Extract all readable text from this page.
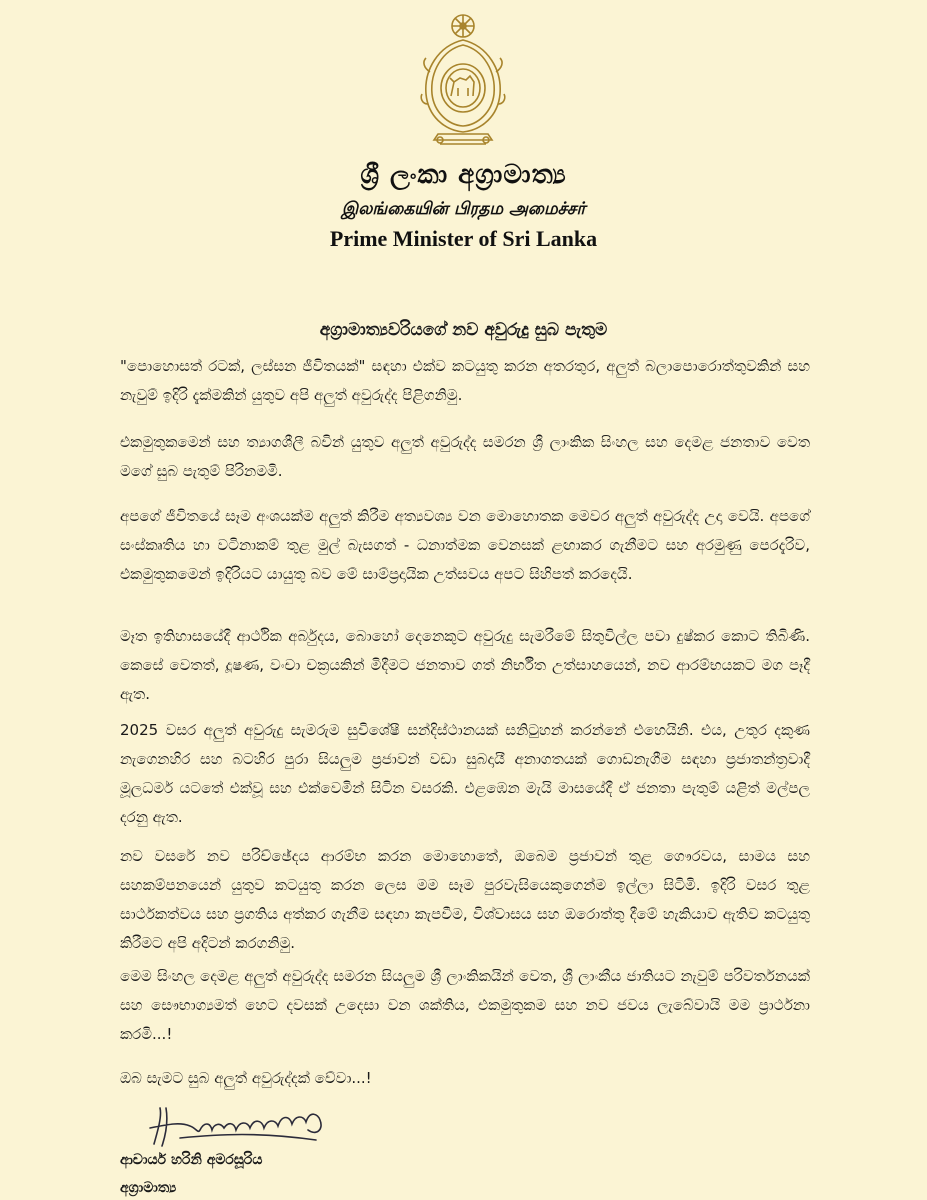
ශ්‍රී ලංකා අග්‍රාමාත්‍ය
இலங்கையின் பிரதம அமைச்சர்
Prime Minister of Sri Lanka
අග්‍රාමාත්‍යවරියගේ නව අවුරුදු සුබ පැතුම

"පොහොසත් රටක්, ලස්සන ජීවිතයක්" සඳහා එක්ව කටයුතු කරන අතරතුර, අලුත් බලාපොරොත්තුවකින් සහ නැවුම් ඉදිරි දැක්මකින් යුතුව අපි අලුත් අවුරුද්ද පිළිගනිමු.

එකමුතුකමෙන් සහ ත්‍යාගශීලී බවින් යුතුව අලුත් අවුරුද්ද සමරන ශ්‍රී ලාංකික සිංහල සහ දෙමළ ජනතාව වෙත මගේ සුබ පැතුම් පිරිනමමි.

අපගේ ජීවිතයේ සෑම අංශයක්ම අලුත් කිරීම අත්‍යවශ්‍ය වන මොහොතක මෙවර අලුත් අවුරුද්ද උදා වෙයි. අපගේ සංස්කෘතිය හා වටිනාකම් තුළ මුල් බැසගත් - ධනාත්මක වෙනසක් ළඟාකර ගැනීමට සහ අරමුණු පෙරදැරිව, එකමුතුකමෙන් ඉදිරියට යායුතු බව මේ සාම්ප්‍රදායික උත්සවය අපට සිහිපත් කරදෙයි.

මෑත ඉතිහාසයේදී ආර්ථික අර්බුදය, බොහෝ දෙනෙකුට අවුරුදු සැමරීමේ සිතුවිල්ල පවා දුෂ්කර කොට තිබිණි. කෙසේ වෙතත්, දූෂණ, වංචා චක්‍රයකින් මිදීමට ජනතාව ගත් නිර්භීත උත්සාහයෙන්, නව ආරම්භයකට මග පෑදී ඇත.

2025 වසර අලුත් අවුරුදු සැමරුම සුවිශේෂී සන්දිස්ථානයක් සනිටුහන් කරන්නේ එහෙයිනි. එය, උතුර දකුණ නැගෙනහිර සහ බටහිර පුරා සියලුම ප්‍රජාවන් වඩා සුබදායී අනාගතයක් ගොඩනැගීම සඳහා ප්‍රජාතන්ත්‍රවාදී මූලධර්ම යටතේ එක්වූ සහ එක්වෙමින් සිටින වසරකි. එළඹෙන මැයි මාසයේදී ඒ ජනතා පැතුම් යළිත් මල්පල දරනු ඇත.

නව වසරේ නව පරිච්ඡේදය ආරම්භ කරන මොහොතේ, ඔබෙම ප්‍රජාවන් තුළ ගෞරවය, සාමය සහ සහකම්පනයෙන් යුතුව කටයුතු කරන ලෙස මම සෑම පුරවැසියෙකුගෙන්ම ඉල්ලා සිටිමි. ඉදිරි වසර තුළ සාර්ථකත්වය සහ ප්‍රගතිය අත්කර ගැනීම සඳහා කැපවීම, විශ්වාසය සහ ඔරොත්තු දීමේ හැකියාව ඇතිව කටයුතු කිරීමට අපි අදිටන් කරගනිමු.

මෙම සිංහල දෙමළ අලුත් අවුරුද්ද සමරන සියලුම ශ්‍රී ලාංකිකයින් වෙත, ශ්‍රී ලාංකීය ජාතියට නැවුම් පරිවර්තනයක් සහ සෞභාග්‍යමත් හෙට දවසක් උදෙසා වන ශක්තිය, එකමුතුකම සහ නව ජවය ලැබේවායි මම ප්‍රාර්ථනා කරමි...!

ඔබ සැමට සුබ අලුත් අවුරුද්දක් වේවා...!

ආචාර්ය හරිනි අමරසූරිය
අග්‍රාමාත්‍ය
